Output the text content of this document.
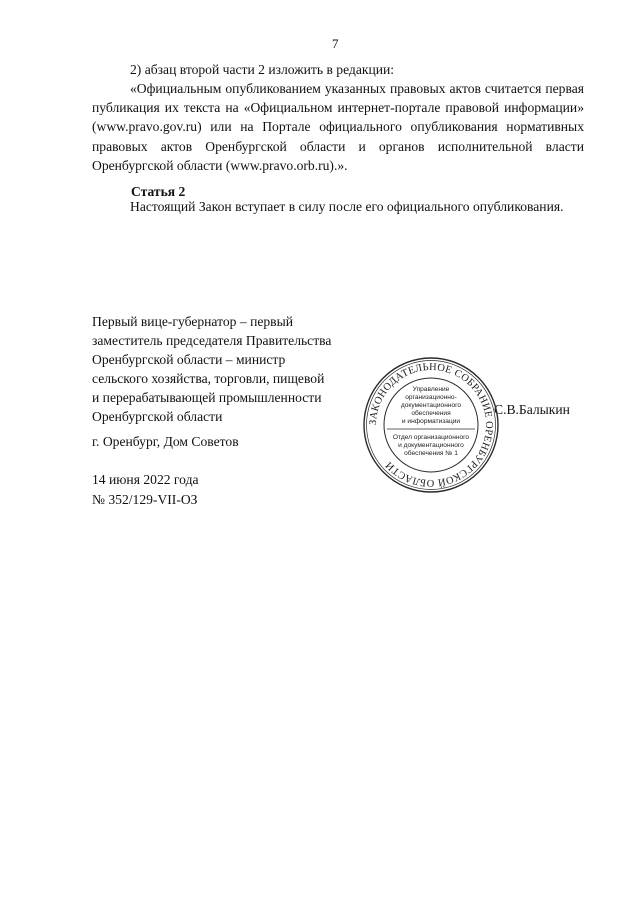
7

2) абзац второй части 2 изложить в редакции:

«Официальным опубликованием указанных правовых актов считается первая публикация их текста на «Официальном интернет-портале правовой информации» (www.pravo.gov.ru) или на Портале официального опубликования нормативных правовых актов Оренбургской области и органов исполнительной власти Оренбургской области (www.pravo.orb.ru).».

Статья 2

Настоящий Закон вступает в силу после его официального опубликования.

Первый вице-губернатор – первый
заместитель председателя Правительства
Оренбургской области – министр
сельского хозяйства, торговли, пищевой
и перерабатывающей промышленности
Оренбургской области	С.В.Балыкин
г. Оренбург, Дом Советов
14 июня 2022 года
№ 352/129-VII-ОЗ
ЗАКОНОДАТЕЛЬНОЕ СОБРАНИЕ ОРЕНБУРГСКОЙ ОБЛАСТИ
Управление
организационно-
документационного
обеспечения
и информатизации
Отдел организационного
и документационного
обеспечения № 1
